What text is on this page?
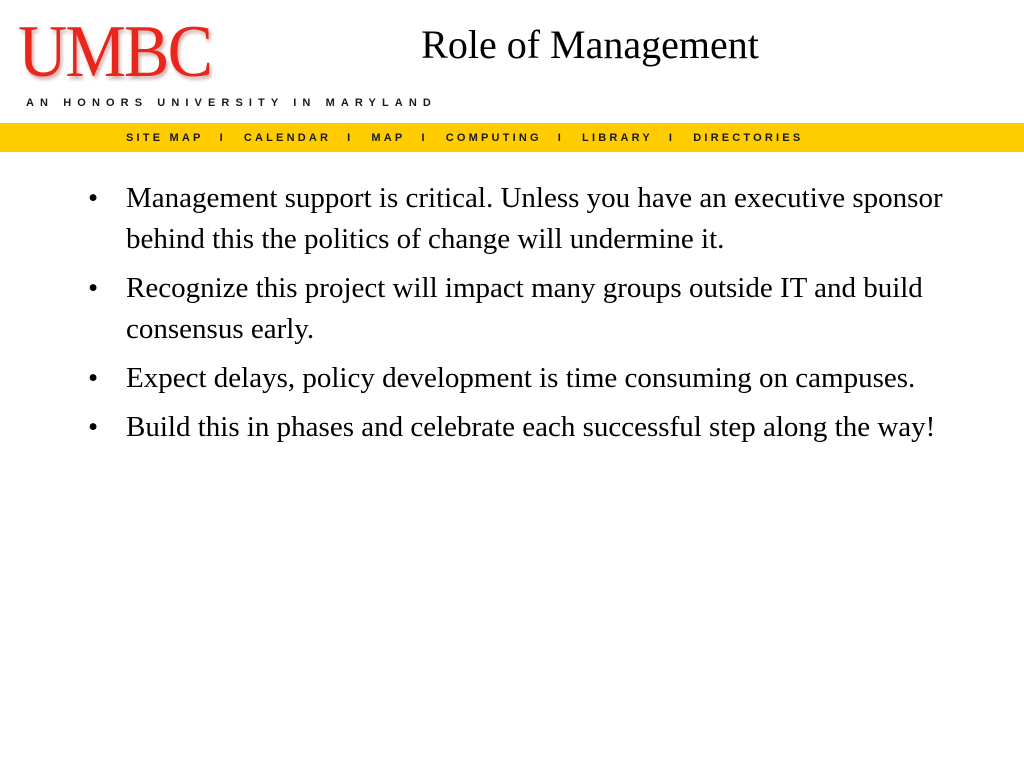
UMBC
AN HONORS UNIVERSITY IN MARYLAND
SITE MAP I CALENDAR I MAP I COMPUTING I LIBRARY I DIRECTORIES
Role of Management
• Management support is critical. Unless you have an executive sponsor behind this the politics of change will undermine it.
• Recognize this project will impact many groups outside IT and build consensus early.
• Expect delays, policy development is time consuming on campuses.
• Build this in phases and celebrate each successful step along the way!
